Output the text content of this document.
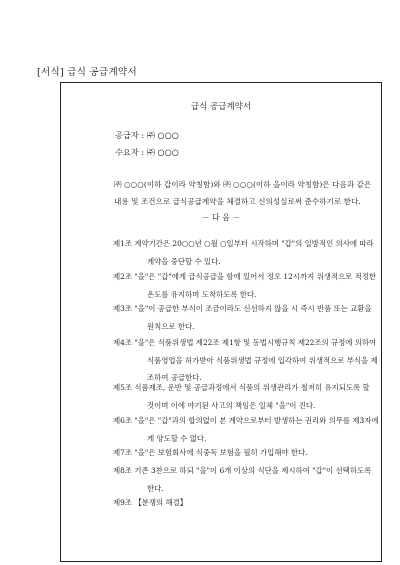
[서식] 급식 공급계약서
급식 공급계약서
공급자 : ㈜ ○○○
수요자 : ㈜ ○○○
㈜ ○○○(이하 갑이라 약칭함)와 ㈜ ○○○(이하 을이라 약칭함)은 다음과 같은 내용 및 조건으로 급식공급계약을 체결하고 신의성실로써 준수하기로 한다.
－ 다 음 －
제1조 계약기간은 20○○년 ○월 ○일부터 시작하며 "갑"의 일방적인 의사에 따라 계약을 중단할 수 있다.
제2조 "을"은 "갑"에게 급식공급을 함에 있어서 정오 12시까지 위생적으로 적정한 온도를 유지하며 도착하도록 한다.
제3조 "을"이 공급한 부식이 조금이라도 신선하지 않을 시 즉시 반품 또는 교환을 원칙으로 한다.
제4조 "을"은 식품위생법 제22조 제1항 및 동법시행규칙 제22조의 규정에 의하여 식품영업을 허가받아 식품위생법 규정에 입각하여 위생적으로 부식을 제조하여 공급한다.
제5조 식품제조, 운반 및 공급과정에서 식품의 위생관리가 철저히 유지되도록 할 것이며 이에 야기된 사고의 책임은 일체 "을"이 진다.
제6조 "을"은 "갑"과의 합의없이 본 계약으로부터 발생하는 권리와 의무를 제3자에게 양도할 수 없다.
제7조 "을"은 보험회사에 식중독 보험을 필히 가입해야 한다.
제8조 기존 3찬으로 하되 "을"이 6개 이상의 식단을 제시하여 "갑"이 선택하도록 한다.
제9조 【분쟁의 해결】
